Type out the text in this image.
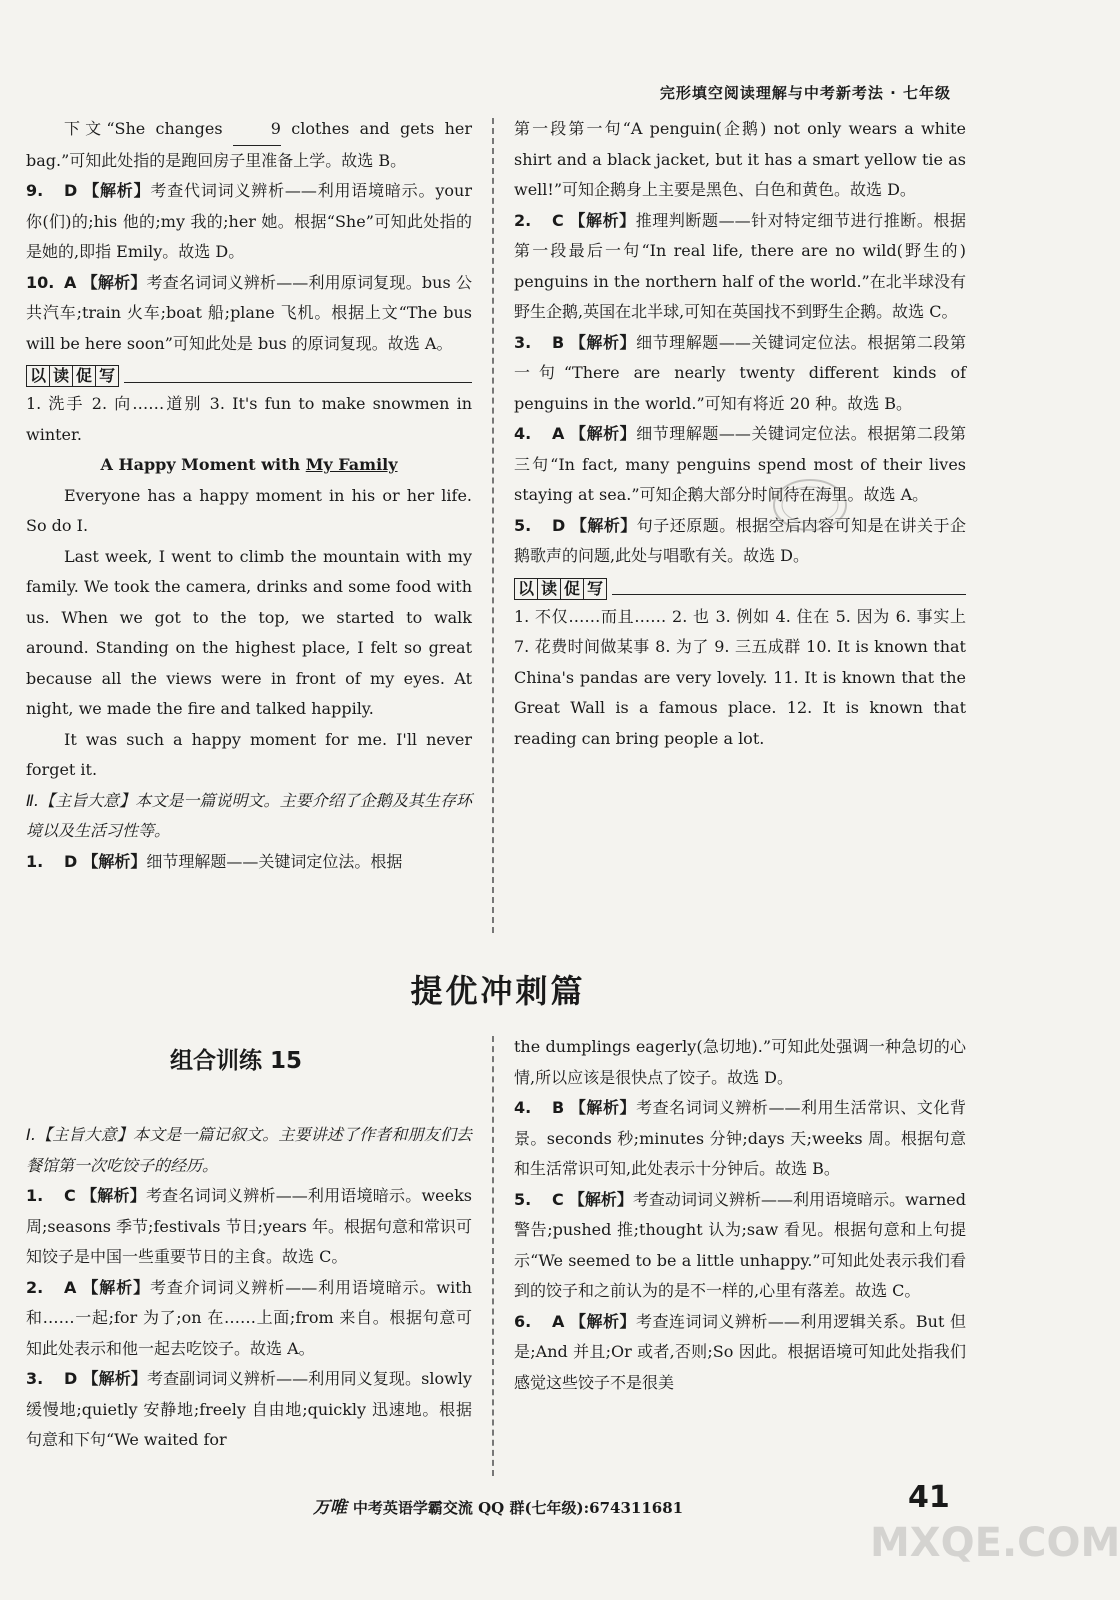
完形填空阅读理解与中考新考法 · 七年级

下文“She changes	9 clothes and gets her bag.”可知此处指的是跑回房子里准备上学。故选 B。

9. D 【解析】考查代词词义辨析——利用语境暗示。your 你(们)的;his 他的;my 我的;her 她。根据“She”可知此处指的是她的,即指 Emily。故选 D。

10. A 【解析】考查名词词义辨析——利用原词复现。bus 公共汽车;train 火车;boat 船;plane 飞机。根据上文“The bus will be here soon”可知此处是 bus 的原词复现。故选 A。

以 读 促 写

1. 洗手 2. 向……道别 3. It's fun to make snowmen in winter.

A Happy Moment with My Family

Everyone has a happy moment in his or her life. So do I.

Last week, I went to climb the mountain with my family. We took the camera, drinks and some food with us. When we got to the top, we started to walk around. Standing on the highest place, I felt so great because all the views were in front of my eyes. At night, we made the fire and talked happily.

It was such a happy moment for me. I'll never forget it.

Ⅱ.【主旨大意】本文是一篇说明文。主要介绍了企鹅及其生存环境以及生活习性等。

1. D 【解析】细节理解题——关键词定位法。根据

第一段第一句“A penguin(企鹅) not only wears a white shirt and a black jacket, but it has a smart yellow tie as well!”可知企鹅身上主要是黑色、白色和黄色。故选 D。

2. C 【解析】推理判断题——针对特定细节进行推断。根据第一段最后一句“In real life, there are no wild(野生的) penguins in the northern half of the world.”在北半球没有野生企鹅,英国在北半球,可知在英国找不到野生企鹅。故选 C。

3. B 【解析】细节理解题——关键词定位法。根据第二段第一句“There are nearly twenty different kinds of penguins in the world.”可知有将近 20 种。故选 B。

4. A 【解析】细节理解题——关键词定位法。根据第二段第三句“In fact, many penguins spend most of their lives staying at sea.”可知企鹅大部分时间待在海里。故选 A。

5. D 【解析】句子还原题。根据空后内容可知是在讲关于企鹅歌声的问题,此处与唱歌有关。故选 D。

以 读 促 写

1. 不仅……而且…… 2. 也 3. 例如 4. 住在 5. 因为 6. 事实上 7. 花费时间做某事 8. 为了 9. 三五成群 10. It is known that China's pandas are very lovely. 11. It is known that the Great Wall is a famous place. 12. It is known that reading can bring people a lot.

提优冲刺篇
组合训练 15

Ⅰ.【主旨大意】本文是一篇记叙文。主要讲述了作者和朋友们去餐馆第一次吃饺子的经历。

1. C 【解析】考查名词词义辨析——利用语境暗示。weeks 周;seasons 季节;festivals 节日;years 年。根据句意和常识可知饺子是中国一些重要节日的主食。故选 C。

2. A 【解析】考查介词词义辨析——利用语境暗示。with 和……一起;for 为了;on 在……上面;from 来自。根据句意可知此处表示和他一起去吃饺子。故选 A。

3. D 【解析】考查副词词义辨析——利用同义复现。slowly 缓慢地;quietly 安静地;freely 自由地;quickly 迅速地。根据句意和下句“We waited for

the dumplings eagerly(急切地).”可知此处强调一种急切的心情,所以应该是很快点了饺子。故选 D。

4. B 【解析】考查名词词义辨析——利用生活常识、文化背景。seconds 秒;minutes 分钟;days 天;weeks 周。根据句意和生活常识可知,此处表示十分钟后。故选 B。

5. C 【解析】考查动词词义辨析——利用语境暗示。warned 警告;pushed 推;thought 认为;saw 看见。根据句意和上句提示“We seemed to be a little unhappy.”可知此处表示我们看到的饺子和之前认为的是不一样的,心里有落差。故选 C。

6. A 【解析】考查连词词义辨析——利用逻辑关系。But 但是;And 并且;Or 或者,否则;So 因此。根据语境可知此处指我们感觉这些饺子不是很美

万唯 中考英语学霸交流 QQ 群(七年级):674311681	41
MXQE.COM
